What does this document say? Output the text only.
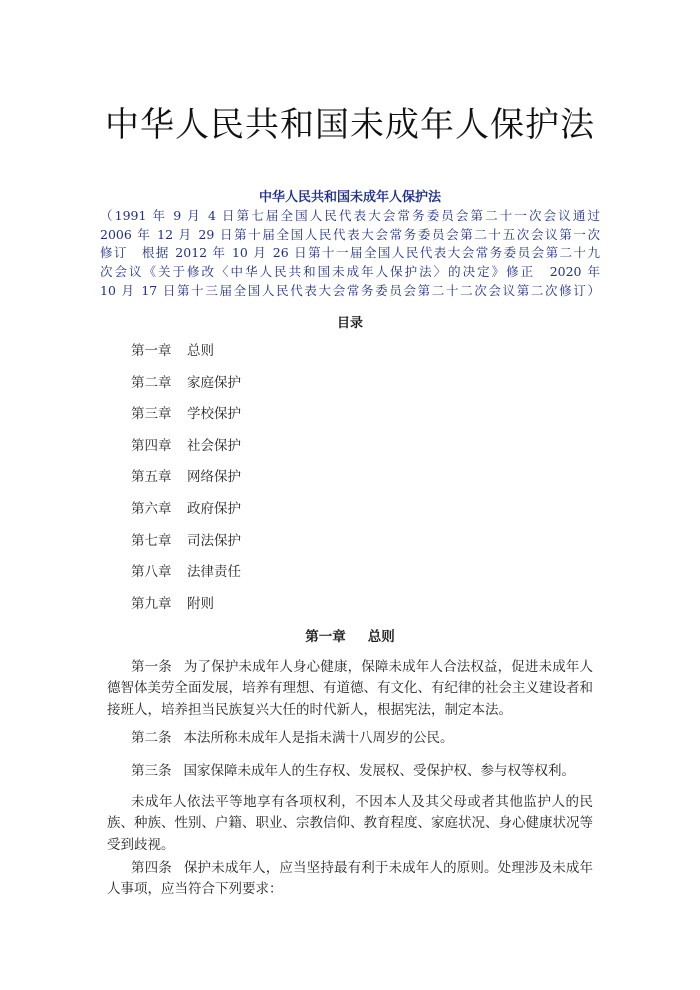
中华人民共和国未成年人保护法
中华人民共和国未成年人保护法
（1991 年 9 月 4 日第七届全国人民代表大会常务委员会第二十一次会议通过
2006 年 12 月 29 日第十届全国人民代表大会常务委员会第二十五次会议第一次
修订　根据 2012 年 10 月 26 日第十一届全国人民代表大会常务委员会第二十九
次会议《关于修改〈中华人民共和国未成年人保护法〉的决定》修正　2020 年
10 月 17 日第十三届全国人民代表大会常务委员会第二十二次会议第二次修订）
目录
第一章 总则
第二章 家庭保护
第三章 学校保护
第四章 社会保护
第五章 网络保护
第六章 政府保护
第七章 司法保护
第八章 法律责任
第九章 附则
第一章 总则

第一条 为了保护未成年人身心健康，保障未成年人合法权益，促进未成年人德智体美劳全面发展，培养有理想、有道德、有文化、有纪律的社会主义建设者和接班人，培养担当民族复兴大任的时代新人，根据宪法，制定本法。

第二条 本法所称未成年人是指未满十八周岁的公民。

第三条 国家保障未成年人的生存权、发展权、受保护权、参与权等权利。

未成年人依法平等地享有各项权利，不因本人及其父母或者其他监护人的民族、种族、性别、户籍、职业、宗教信仰、教育程度、家庭状况、身心健康状况等受到歧视。

第四条 保护未成年人，应当坚持最有利于未成年人的原则。处理涉及未成年人事项，应当符合下列要求：
